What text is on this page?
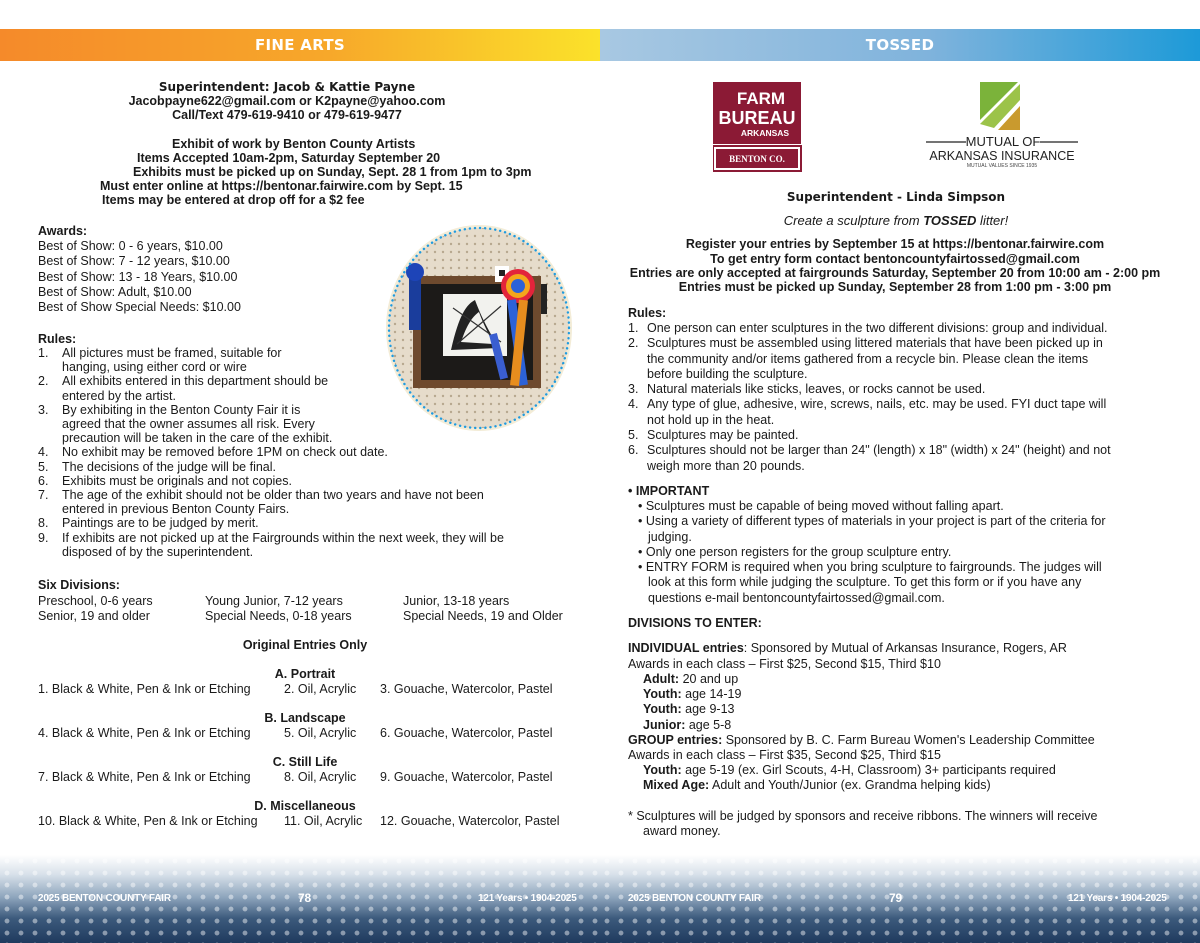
FINE ARTS
Superintendent: Jacob & Kattie Payne
Jacobpayne622@gmail.com or K2payne@yahoo.com
Call/Text 479-619-9410 or 479-619-9477
Exhibit of work by Benton County Artists
Items Accepted 10am-2pm, Saturday September 20
Exhibits must be picked up on Sunday, Sept. 28 1 from 1pm to 3pm
Must enter online at https://bentonar.fairwire.com by Sept. 15
Items may be entered at drop off for a $2 fee
Awards:
Best of Show: 0 - 6 years, $10.00
Best of Show: 7 - 12 years, $10.00
Best of Show: 13 - 18 Years, $10.00
Best of Show: Adult, $10.00
Best of Show Special Needs: $10.00
Rules:
1. All pictures must be framed, suitable for
hanging, using either cord or wire
2. All exhibits entered in this department should be
entered by the artist.
3. By exhibiting in the Benton County Fair it is
agreed that the owner assumes all risk. Every
precaution will be taken in the care of the exhibit.
4. No exhibit may be removed before 1PM on check out date.
5. The decisions of the judge will be final.
6. Exhibits must be originals and not copies.
7. The age of the exhibit should not be older than two years and have not been
entered in previous Benton County Fairs.
8. Paintings are to be judged by merit.
9. If exhibits are not picked up at the Fairgrounds within the next week, they will be
disposed of by the superintendent.
Six Divisions:
Preschool, 0-6 years	Young Junior, 7-12 years	Junior, 13-18 years
Senior, 19 and older	Special Needs, 0-18 years	Special Needs, 19 and Older
Original Entries Only
A. Portrait
1. Black & White, Pen & Ink or Etching	2. Oil, Acrylic 3. Gouache, Watercolor, Pastel
B. Landscape
4. Black & White, Pen & Ink or Etching	5. Oil, Acrylic 6. Gouache, Watercolor, Pastel
C. Still Life
7. Black & White, Pen & Ink or Etching	8. Oil, Acrylic 9. Gouache, Watercolor, Pastel
D. Miscellaneous
10. Black & White, Pen & Ink or Etching 11. Oil, Acrylic 12. Gouache, Watercolor, Pastel
2025 BENTON COUNTY FAIR	78	121 Years • 1904-2025
TOSSED
FARM
BUREAU
ARKANSAS
BENTON CO.
MUTUAL OF
ARKANSAS INSURANCE
MUTUAL VALUES SINCE 1935
Superintendent - Linda Simpson
Create a sculpture from TOSSED litter!
Register your entries by September 15 at https://bentonar.fairwire.com
To get entry form contact bentoncountyfairtossed@gmail.com
Entries are only accepted at fairgrounds Saturday, September 20 from 10:00 am - 2:00 pm
Entries must be picked up Sunday, September 28 from 1:00 pm - 3:00 pm
Rules:
1. One person can enter sculptures in the two different divisions: group and individual.
2. Sculptures must be assembled using littered materials that have been picked up in
the community and/or items gathered from a recycle bin. Please clean the items
before building the sculpture.
3. Natural materials like sticks, leaves, or rocks cannot be used.
4. Any type of glue, adhesive, wire, screws, nails, etc. may be used. FYI duct tape will
not hold up in the heat.
5. Sculptures may be painted.
6. Sculptures should not be larger than 24" (length) x 18" (width) x 24" (height) and not
weigh more than 20 pounds.
• IMPORTANT
• Sculptures must be capable of being moved without falling apart.
• Using a variety of different types of materials in your project is part of the criteria for
judging.
• Only one person registers for the group sculpture entry.
• ENTRY FORM is required when you bring sculpture to fairgrounds. The judges will
look at this form while judging the sculpture. To get this form or if you have any
questions e-mail bentoncountyfairtossed@gmail.com.
DIVISIONS TO ENTER:
INDIVIDUAL entries: Sponsored by Mutual of Arkansas Insurance, Rogers, AR
Awards in each class – First $25, Second $15, Third $10
Adult: 20 and up
Youth: age 14-19
Youth: age 9-13
Junior: age 5-8
GROUP entries: Sponsored by B. C. Farm Bureau Women's Leadership Committee
Awards in each class – First $35, Second $25, Third $15
Youth: age 5-19 (ex. Girl Scouts, 4-H, Classroom) 3+ participants required
Mixed Age: Adult and Youth/Junior (ex. Grandma helping kids)
* Sculptures will be judged by sponsors and receive ribbons. The winners will receive
award money.
2025 BENTON COUNTY FAIR	79	121 Years • 1904-2025
